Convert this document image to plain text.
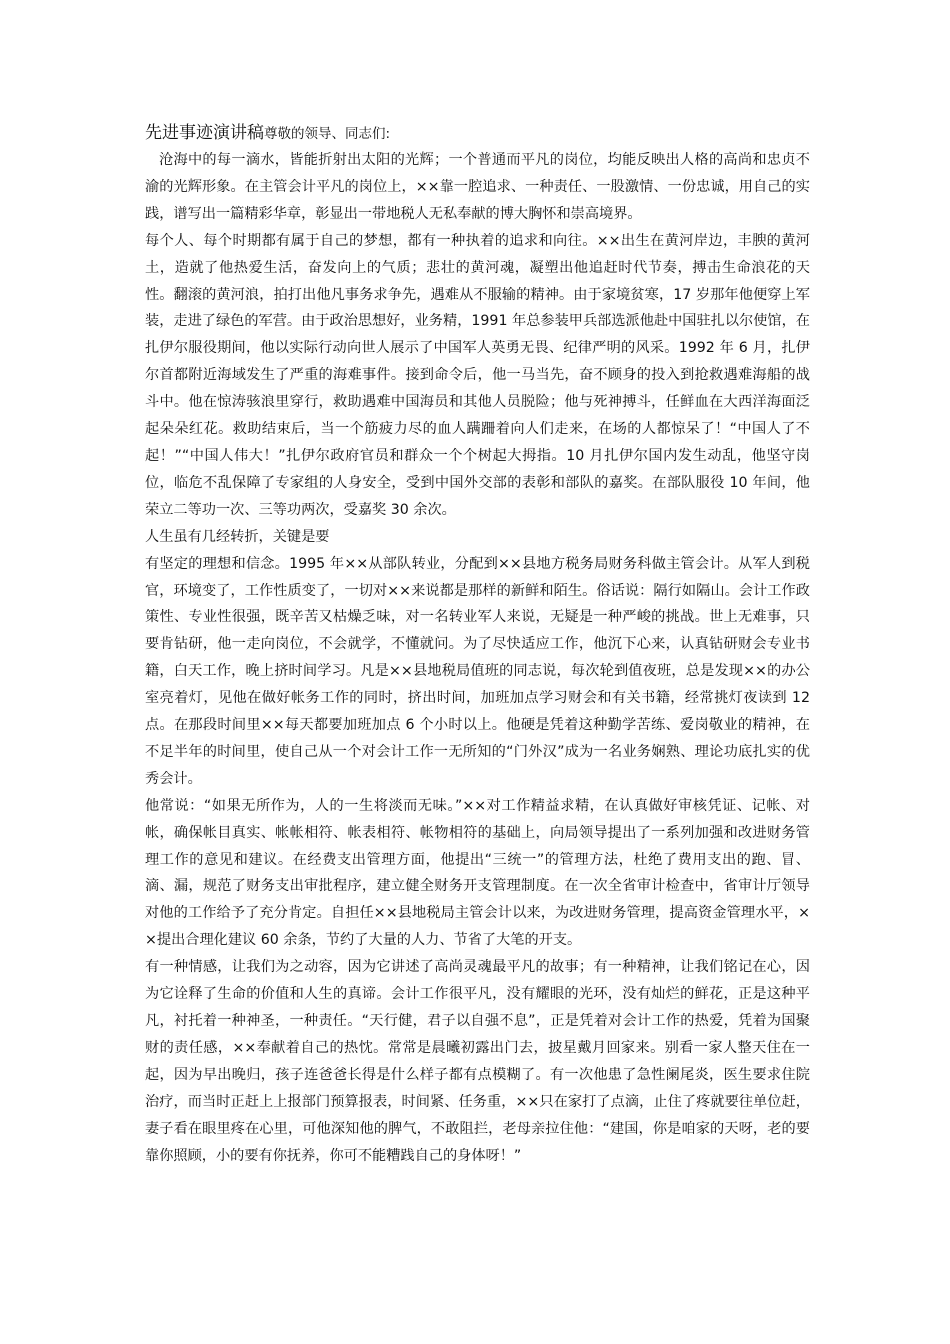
先进事迹演讲稿尊敬的领导、同志们:

沧海中的每一滴水，皆能折射出太阳的光辉；一个普通而平凡的岗位，均能反映出人格的高尚和忠贞不渝的光辉形象。在主管会计平凡的岗位上，××靠一腔追求、一种责任、一股激情、一份忠诚，用自己的实践，谱写出一篇精彩华章，彰显出一带地税人无私奉献的博大胸怀和崇高境界。

每个人、每个时期都有属于自己的梦想，都有一种执着的追求和向往。××出生在黄河岸边，丰腴的黄河土，造就了他热爱生活，奋发向上的气质；悲壮的黄河魂，凝塑出他追赶时代节奏，搏击生命浪花的天性。翻滚的黄河浪，拍打出他凡事务求争先，遇难从不服输的精神。由于家境贫寒，17 岁那年他便穿上军装，走进了绿色的军营。由于政治思想好，业务精，1991 年总参装甲兵部选派他赴中国驻扎以尔使馆，在扎伊尔服役期间，他以实际行动向世人展示了中国军人英勇无畏、纪律严明的风采。1992 年 6 月，扎伊尔首都附近海域发生了严重的海难事件。接到命令后，他一马当先，奋不顾身的投入到抢救遇难海船的战斗中。他在惊涛骇浪里穿行，救助遇难中国海员和其他人员脱险；他与死神搏斗，任鲜血在大西洋海面泛起朵朵红花。救助结束后，当一个筋疲力尽的血人蹒跚着向人们走来，在场的人都惊呆了！“中国人了不起！”“中国人伟大！”扎伊尔政府官员和群众一个个树起大拇指。10 月扎伊尔国内发生动乱，他坚守岗位，临危不乱保障了专家组的人身安全，受到中国外交部的表彰和部队的嘉奖。在部队服役 10 年间，他荣立二等功一次、三等功两次，受嘉奖 30 余次。

人生虽有几经转折，关键是要

有坚定的理想和信念。1995 年××从部队转业，分配到××县地方税务局财务科做主管会计。从军人到税官，环境变了，工作性质变了，一切对××来说都是那样的新鲜和陌生。俗话说：隔行如隔山。会计工作政策性、专业性很强，既辛苦又枯燥乏味，对一名转业军人来说，无疑是一种严峻的挑战。世上无难事，只要肯钻研，他一走向岗位，不会就学，不懂就问。为了尽快适应工作，他沉下心来，认真钻研财会专业书籍，白天工作，晚上挤时间学习。凡是××县地税局值班的同志说，每次轮到值夜班，总是发现××的办公室亮着灯，见他在做好帐务工作的同时，挤出时间，加班加点学习财会和有关书籍，经常挑灯夜读到 12 点。在那段时间里××每天都要加班加点 6 个小时以上。他硬是凭着这种勤学苦练、爱岗敬业的精神，在不足半年的时间里，使自己从一个对会计工作一无所知的“门外汉”成为一名业务娴熟、理论功底扎实的优秀会计。

他常说：“如果无所作为，人的一生将淡而无味。”××对工作精益求精，在认真做好审核凭证、记帐、对帐，确保帐目真实、帐帐相符、帐表相符、帐物相符的基础上，向局领导提出了一系列加强和改进财务管理工作的意见和建议。在经费支出管理方面，他提出“三统一”的管理方法，杜绝了费用支出的跑、冒、滴、漏，规范了财务支出审批程序，建立健全财务开支管理制度。在一次全省审计检查中，省审计厅领导对他的工作给予了充分肯定。自担任××县地税局主管会计以来，为改进财务管理，提高资金管理水平，××提出合理化建议 60 余条，节约了大量的人力、节省了大笔的开支。

有一种情感，让我们为之动容，因为它讲述了高尚灵魂最平凡的故事；有一种精神，让我们铭记在心，因为它诠释了生命的价值和人生的真谛。会计工作很平凡，没有耀眼的光环，没有灿烂的鲜花，正是这种平凡，衬托着一种神圣，一种责任。“天行健，君子以自强不息”，正是凭着对会计工作的热爱，凭着为国聚财的责任感，××奉献着自己的热忱。常常是晨曦初露出门去，披星戴月回家来。别看一家人整天住在一起，因为早出晚归，孩子连爸爸长得是什么样子都有点模糊了。有一次他患了急性阑尾炎，医生要求住院治疗，而当时正赶上上报部门预算报表，时间紧、任务重，××只在家打了点滴，止住了疼就要往单位赶，妻子看在眼里疼在心里，可他深知他的脾气，不敢阻拦，老母亲拉住他：“建国，你是咱家的天呀，老的要靠你照顾，小的要有你抚养，你可不能糟践自己的身体呀！”
